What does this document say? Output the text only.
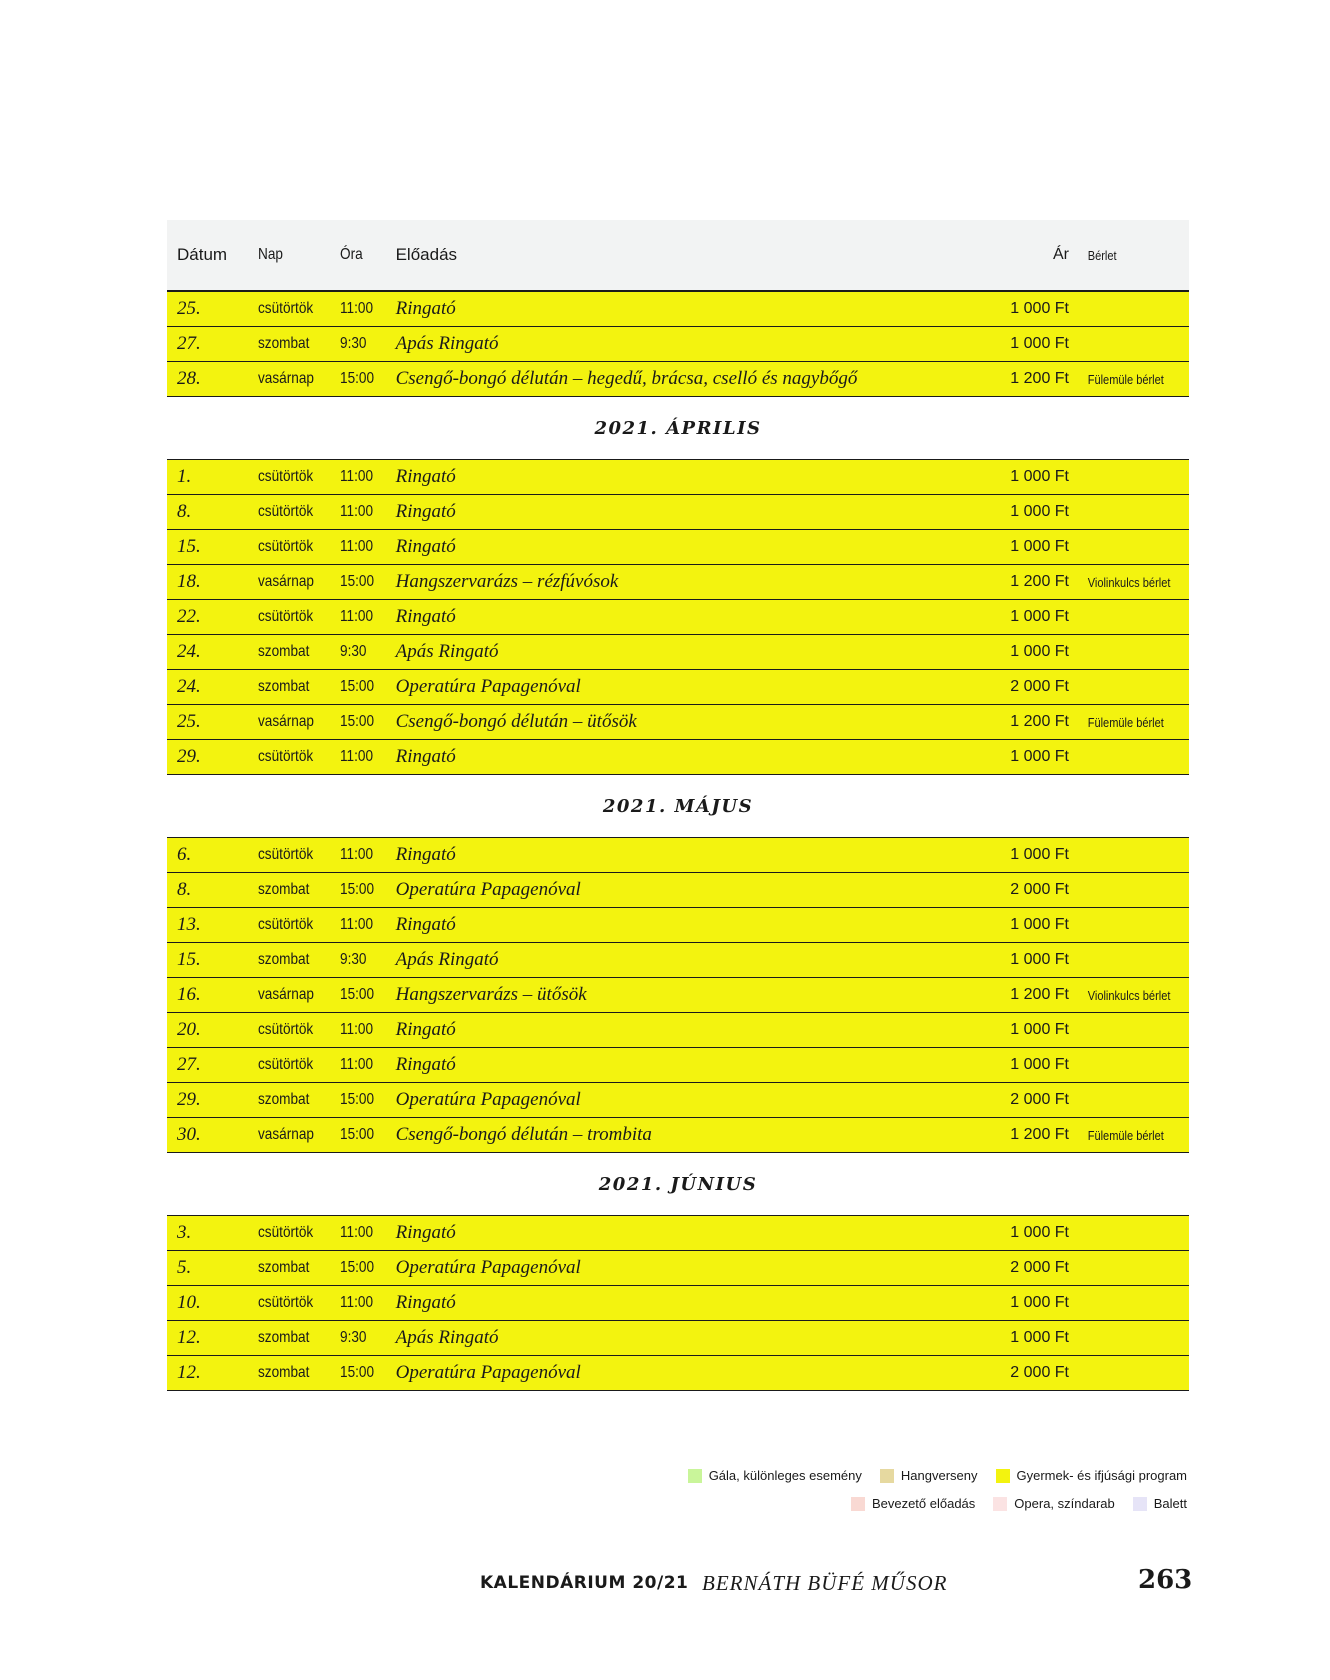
Dátum	Nap	Óra	Előadás	Ár	Bérlet
25.	csütörtök	11:00	Ringató	1 000 Ft
27.	szombat	9:30	Apás Ringató	1 000 Ft
28.	vasárnap	15:00	Csengő-bongó délután – hegedű, brácsa, cselló és nagybőgő	1 200 Ft	Fülemüle bérlet
2021. ÁPRILIS
1.	csütörtök	11:00	Ringató	1 000 Ft
8.	csütörtök	11:00	Ringató	1 000 Ft
15.	csütörtök	11:00	Ringató	1 000 Ft
18.	vasárnap	15:00	Hangszervarázs – rézfúvósok	1 200 Ft	Violinkulcs bérlet
22.	csütörtök	11:00	Ringató	1 000 Ft
24.	szombat	9:30	Apás Ringató	1 000 Ft
24.	szombat	15:00	Operatúra Papagenóval	2 000 Ft
25.	vasárnap	15:00	Csengő-bongó délután – ütősök	1 200 Ft	Fülemüle bérlet
29.	csütörtök	11:00	Ringató	1 000 Ft
2021. MÁJUS
6.	csütörtök	11:00	Ringató	1 000 Ft
8.	szombat	15:00	Operatúra Papagenóval	2 000 Ft
13.	csütörtök	11:00	Ringató	1 000 Ft
15.	szombat	9:30	Apás Ringató	1 000 Ft
16.	vasárnap	15:00	Hangszervarázs – ütősök	1 200 Ft	Violinkulcs bérlet
20.	csütörtök	11:00	Ringató	1 000 Ft
27.	csütörtök	11:00	Ringató	1 000 Ft
29.	szombat	15:00	Operatúra Papagenóval	2 000 Ft
30.	vasárnap	15:00	Csengő-bongó délután – trombita	1 200 Ft	Fülemüle bérlet
2021. JÚNIUS
3.	csütörtök	11:00	Ringató	1 000 Ft
5.	szombat	15:00	Operatúra Papagenóval	2 000 Ft
10.	csütörtök	11:00	Ringató	1 000 Ft
12.	szombat	9:30	Apás Ringató	1 000 Ft
12.	szombat	15:00	Operatúra Papagenóval	2 000 Ft
Gála, különleges esemény	Hangverseny	Gyermek- és ifjúsági program
Bevezető előadás	Opera, színdarab	Balett
KALENDÁRIUM 20/21 BERNÁTH BÜFÉ MŰSOR	263
